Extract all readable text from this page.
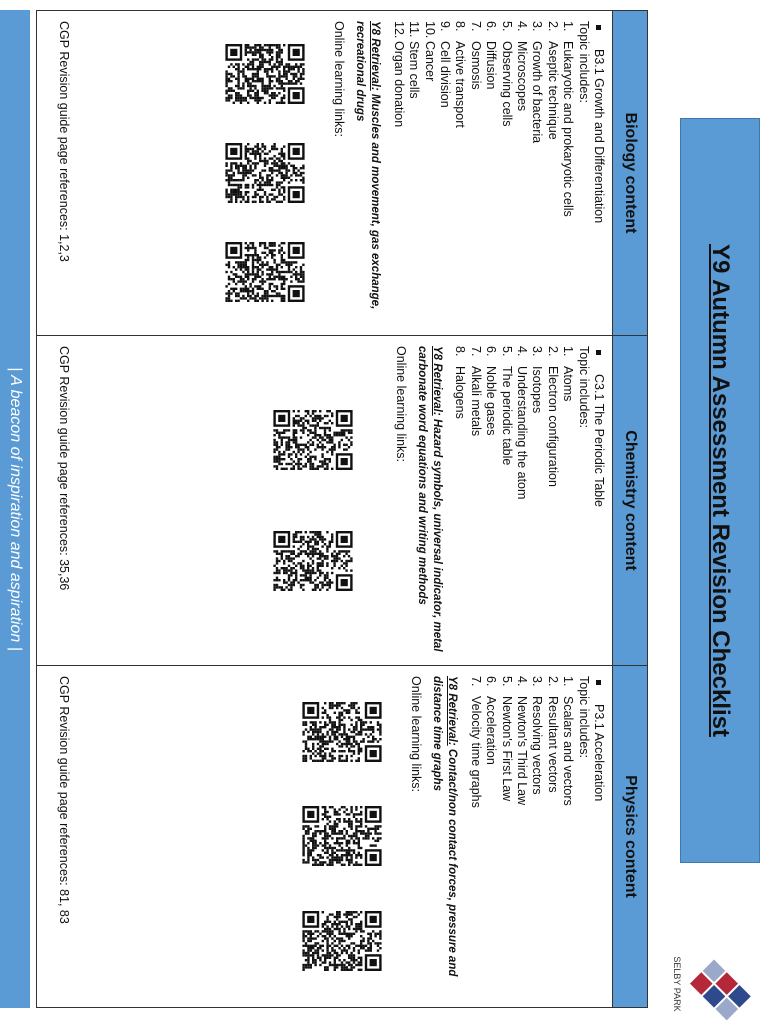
Y9 Autumn Assessment Revision Checklist
SELBY PARK
Biology content
B3.1 Growth and Differentiation
Topic includes:
1.
Eukaryotic and prokaryotic cells
2.
Aseptic technique
3.
Growth of bacteria
4.
Microscopes
5.
Observing cells
6.
Diffusion
7.
Osmosis
8.
Active transport
9.
Cell division
10.
Cancer
11.
Stem cells
12.
Organ donation
Y8 Retrieval: Muscles and movement, gas exchange, recreational drugs
Online learning links:
CGP Revision guide page references: 1,2,3
Chemistry content
C3.1 The Periodic Table
Topic includes:
1.
Atoms
2.
Electron configuration
3.
Isotopes
4.
Understanding the atom
5.
The periodic table
6.
Noble gases
7.
Alkali metals
8.
Halogens
Y8 Retrieval: Hazard symbols, universal indicator, metal carbonate word equations and writing methods
Online learning links:
CGP Revision guide page references: 35,36
Physics content
P3.1 Acceleration
Topic includes:
1.
Scalars and vectors
2.
Resultant vectors
3.
Resolving vectors
4.
Newton's Third Law
5.
Newton's First Law
6.
Acceleration
7.
Velocity time graphs
Y8 Retrieval: Contact/non contact forces, pressure and distance time graphs
Online learning links:
CGP Revision guide page references: 81, 83
| A beacon of inspiration and aspiration |
